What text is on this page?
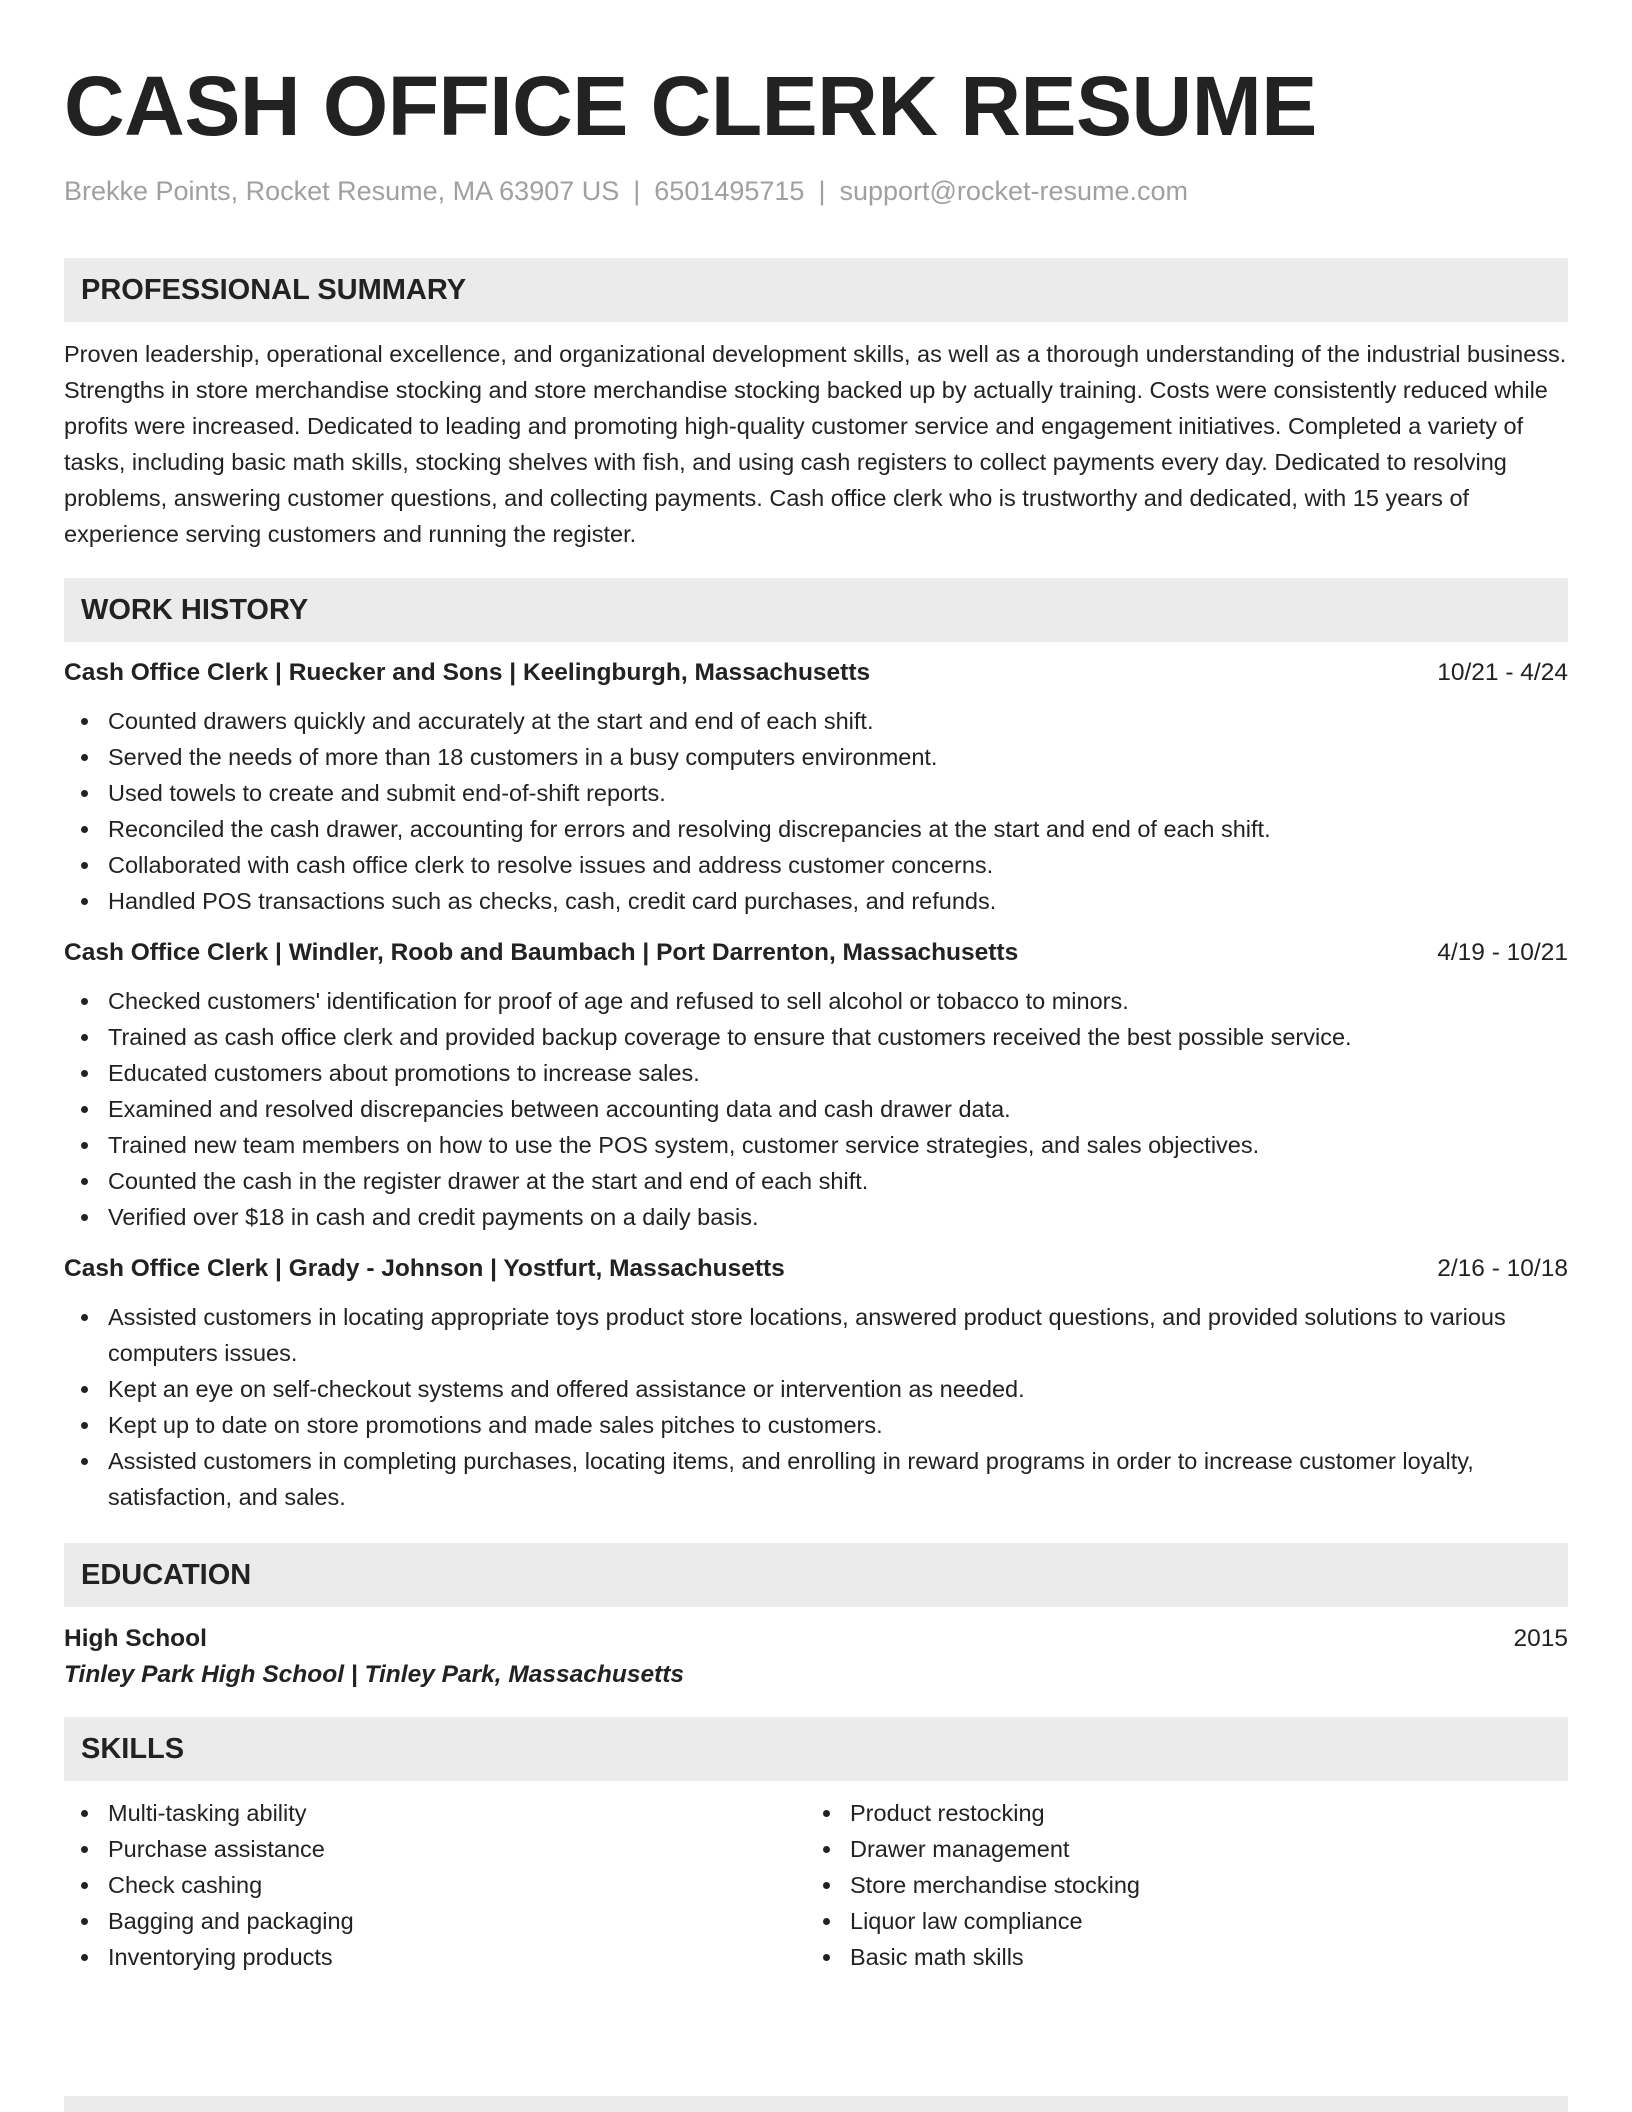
CASH OFFICE CLERK RESUME
Brekke Points, Rocket Resume, MA 63907 US | 6501495715 | support@rocket-resume.com
PROFESSIONAL SUMMARY
Proven leadership, operational excellence, and organizational development skills, as well as a thorough understanding of the industrial business. Strengths in store merchandise stocking and store merchandise stocking backed up by actually training. Costs were consistently reduced while profits were increased. Dedicated to leading and promoting high-quality customer service and engagement initiatives. Completed a variety of tasks, including basic math skills, stocking shelves with fish, and using cash registers to collect payments every day. Dedicated to resolving problems, answering customer questions, and collecting payments. Cash office clerk who is trustworthy and dedicated, with 15 years of experience serving customers and running the register.
WORK HISTORY
Cash Office Clerk | Ruecker and Sons | Keelingburgh, Massachusetts	10/21 - 4/24
Counted drawers quickly and accurately at the start and end of each shift.
Served the needs of more than 18 customers in a busy computers environment.
Used towels to create and submit end-of-shift reports.
Reconciled the cash drawer, accounting for errors and resolving discrepancies at the start and end of each shift.
Collaborated with cash office clerk to resolve issues and address customer concerns.
Handled POS transactions such as checks, cash, credit card purchases, and refunds.
Cash Office Clerk | Windler, Roob and Baumbach | Port Darrenton, Massachusetts	4/19 - 10/21
Checked customers' identification for proof of age and refused to sell alcohol or tobacco to minors.
Trained as cash office clerk and provided backup coverage to ensure that customers received the best possible service.
Educated customers about promotions to increase sales.
Examined and resolved discrepancies between accounting data and cash drawer data.
Trained new team members on how to use the POS system, customer service strategies, and sales objectives.
Counted the cash in the register drawer at the start and end of each shift.
Verified over $18 in cash and credit payments on a daily basis.
Cash Office Clerk | Grady - Johnson | Yostfurt, Massachusetts	2/16 - 10/18
Assisted customers in locating appropriate toys product store locations, answered product questions, and provided solutions to various computers issues.
Kept an eye on self-checkout systems and offered assistance or intervention as needed.
Kept up to date on store promotions and made sales pitches to customers.
Assisted customers in completing purchases, locating items, and enrolling in reward programs in order to increase customer loyalty, satisfaction, and sales.
EDUCATION
High School	2015
Tinley Park High School | Tinley Park, Massachusetts
SKILLS
Multi-tasking ability
Purchase assistance
Check cashing
Bagging and packaging
Inventorying products
Product restocking
Drawer management
Store merchandise stocking
Liquor law compliance
Basic math skills
